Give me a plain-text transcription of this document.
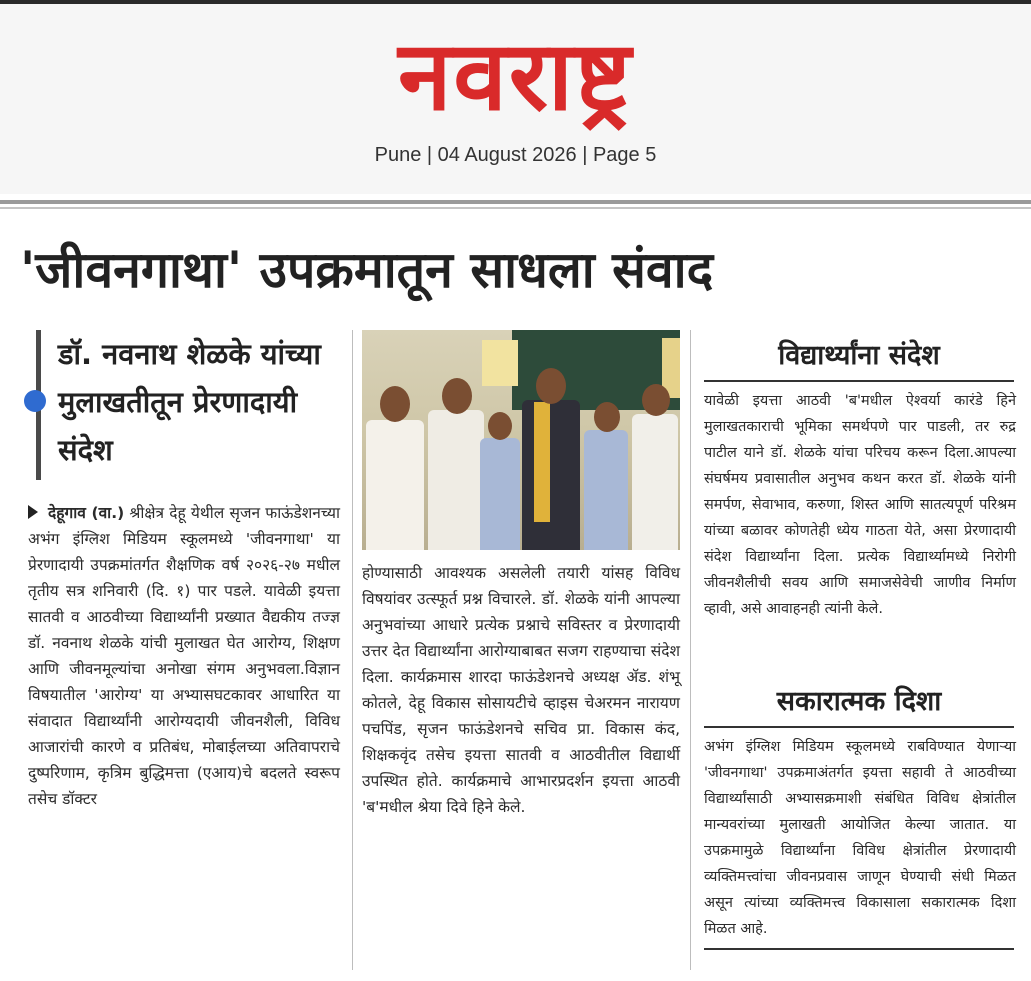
नवराष्ट्र
Pune | 04 August 2026 | Page 5
'जीवनगाथा' उपक्रमातून साधला संवाद
डॉ. नवनाथ शेळके यांच्या मुलाखतीतून प्रेरणादायी संदेश
देहूगाव (वा.) श्रीक्षेत्र देहू येथील सृजन फाऊंडेशनच्या अभंग इंग्लिश मिडियम स्कूलमध्ये 'जीवनगाथा' या प्रेरणादायी उपक्रमांतर्गत शैक्षणिक वर्ष २०२६-२७ मधील तृतीय सत्र शनिवारी (दि. १) पार पडले. यावेळी इयत्ता सातवी व आठवीच्या विद्यार्थ्यांनी प्रख्यात वैद्यकीय तज्ज्ञ डॉ. नवनाथ शेळके यांची मुलाखत घेत आरोग्य, शिक्षण आणि जीवनमूल्यांचा अनोखा संगम अनुभवला.विज्ञान विषयातील 'आरोग्य' या अभ्यासघटकावर आधारित या संवादात विद्यार्थ्यांनी आरोग्यदायी जीवनशैली, विविध आजारांची कारणे व प्रतिबंध, मोबाईलच्या अतिवापराचे दुष्परिणाम, कृत्रिम बुद्धिमत्ता (एआय)चे बदलते स्वरूप तसेच डॉक्टर
होण्यासाठी आवश्यक असलेली तयारी यांसह विविध विषयांवर उत्स्फूर्त प्रश्न विचारले. डॉ. शेळके यांनी आपल्या अनुभवांच्या आधारे प्रत्येक प्रश्नाचे सविस्तर व प्रेरणादायी उत्तर देत विद्यार्थ्यांना आरोग्याबाबत सजग राहण्याचा संदेश दिला. कार्यक्रमास शारदा फाऊंडेशनचे अध्यक्ष ॲड. शंभू कोतले, देहू विकास सोसायटीचे व्हाइस चेअरमन नारायण पचपिंड, सृजन फाऊंडेशनचे सचिव प्रा. विकास कंद, शिक्षकवृंद तसेच इयत्ता सातवी व आठवीतील विद्यार्थी उपस्थित होते. कार्यक्रमाचे आभारप्रदर्शन इयत्ता आठवी 'ब'मधील श्रेया दिवे हिने केले.
विद्यार्थ्यांना संदेश
यावेळी इयत्ता आठवी 'ब'मधील ऐश्वर्या कारंडे हिने मुलाखतकाराची भूमिका समर्थपणे पार पाडली, तर रुद्र पाटील याने डॉ. शेळके यांचा परिचय करून दिला.आपल्या संघर्षमय प्रवासातील अनुभव कथन करत डॉ. शेळके यांनी समर्पण, सेवाभाव, करुणा, शिस्त आणि सातत्यपूर्ण परिश्रम यांच्या बळावर कोणतेही ध्येय गाठता येते, असा प्रेरणादायी संदेश विद्यार्थ्यांना दिला. प्रत्येक विद्यार्थ्यामध्ये निरोगी जीवनशैलीची सवय आणि समाजसेवेची जाणीव निर्माण व्हावी, असे आवाहनही त्यांनी केले.
सकारात्मक दिशा
अभंग इंग्लिश मिडियम स्कूलमध्ये राबविण्यात येणाऱ्या 'जीवनगाथा' उपक्रमाअंतर्गत इयत्ता सहावी ते आठवीच्या विद्यार्थ्यांसाठी अभ्यासक्रमाशी संबंधित विविध क्षेत्रांतील मान्यवरांच्या मुलाखती आयोजित केल्या जातात. या उपक्रमामुळे विद्यार्थ्यांना विविध क्षेत्रांतील प्रेरणादायी व्यक्तिमत्त्वांचा जीवनप्रवास जाणून घेण्याची संधी मिळत असून त्यांच्या व्यक्तिमत्त्व विकासाला सकारात्मक दिशा मिळत आहे.
